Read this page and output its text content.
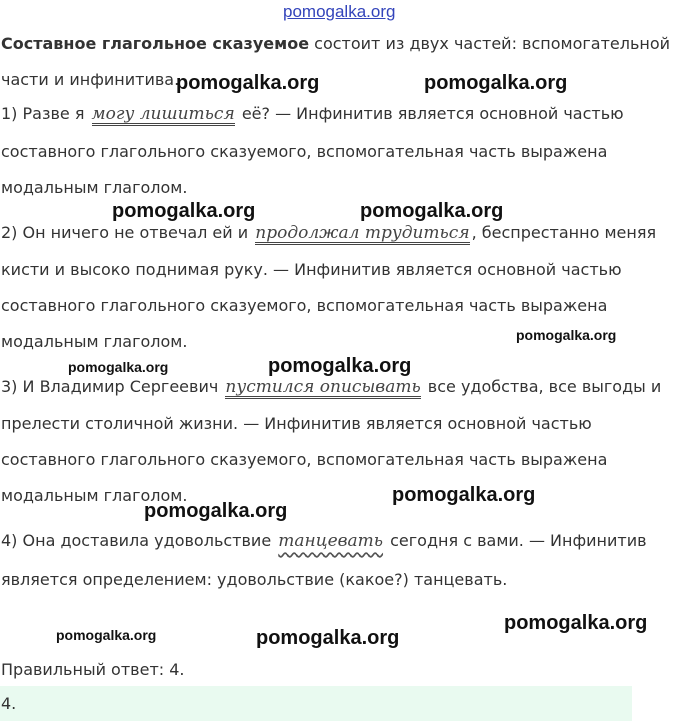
pomogalka.org
Составное глагольное сказуемое состоит из двух частей: вспомогательной
части и инфинитива.
1) Разве я могу лишиться её? — Инфинитив является основной частью
составного глагольного сказуемого, вспомогательная часть выражена
модальным глаголом.
2) Он ничего не отвечал ей и продолжал трудиться , беспрестанно меняя
кисти и высоко поднимая руку. — Инфинитив является основной частью
составного глагольного сказуемого, вспомогательная часть выражена
модальным глаголом.
3) И Владимир Сергеевич пустился описывать все удобства, все выгоды и
прелести столичной жизни. — Инфинитив является основной частью
составного глагольного сказуемого, вспомогательная часть выражена
модальным глаголом.
4) Она доставила удовольствие танцевать сегодня с вами. — Инфинитив
является определением: удовольствие (какое?) танцевать.
Правильный ответ: 4.
4.
pomogalka.org	pomogalka.org
pomogalka.org	pomogalka.org
pomogalka.org
pomogalka.org	pomogalka.org
pomogalka.org
pomogalka.org
pomogalka.org
pomogalka.org	pomogalka.org
